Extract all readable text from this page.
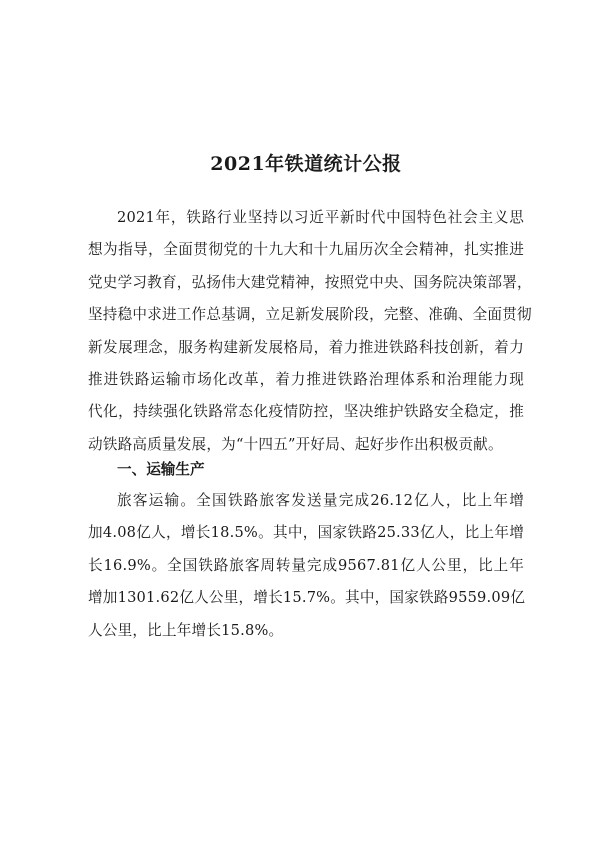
2021年铁道统计公报
2021年，铁路行业坚持以习近平新时代中国特色社会主义思
想为指导，全面贯彻党的十九大和十九届历次全会精神，扎实推进
党史学习教育，弘扬伟大建党精神，按照党中央、国务院决策部署，
坚持稳中求进工作总基调，立足新发展阶段，完整、准确、全面贯彻
新发展理念，服务构建新发展格局，着力推进铁路科技创新，着力
推进铁路运输市场化改革，着力推进铁路治理体系和治理能力现
代化，持续强化铁路常态化疫情防控，坚决维护铁路安全稳定，推
动铁路高质量发展，为“十四五”开好局、起好步作出积极贡献。
一、运输生产
旅客运输。全国铁路旅客发送量完成26.12亿人，比上年增
加4.08亿人，增长18.5%。其中，国家铁路25.33亿人，比上年增
长16.9%。全国铁路旅客周转量完成9567.81亿人公里，比上年
增加1301.62亿人公里，增长15.7%。其中，国家铁路9559.09亿
人公里，比上年增长15.8%。
